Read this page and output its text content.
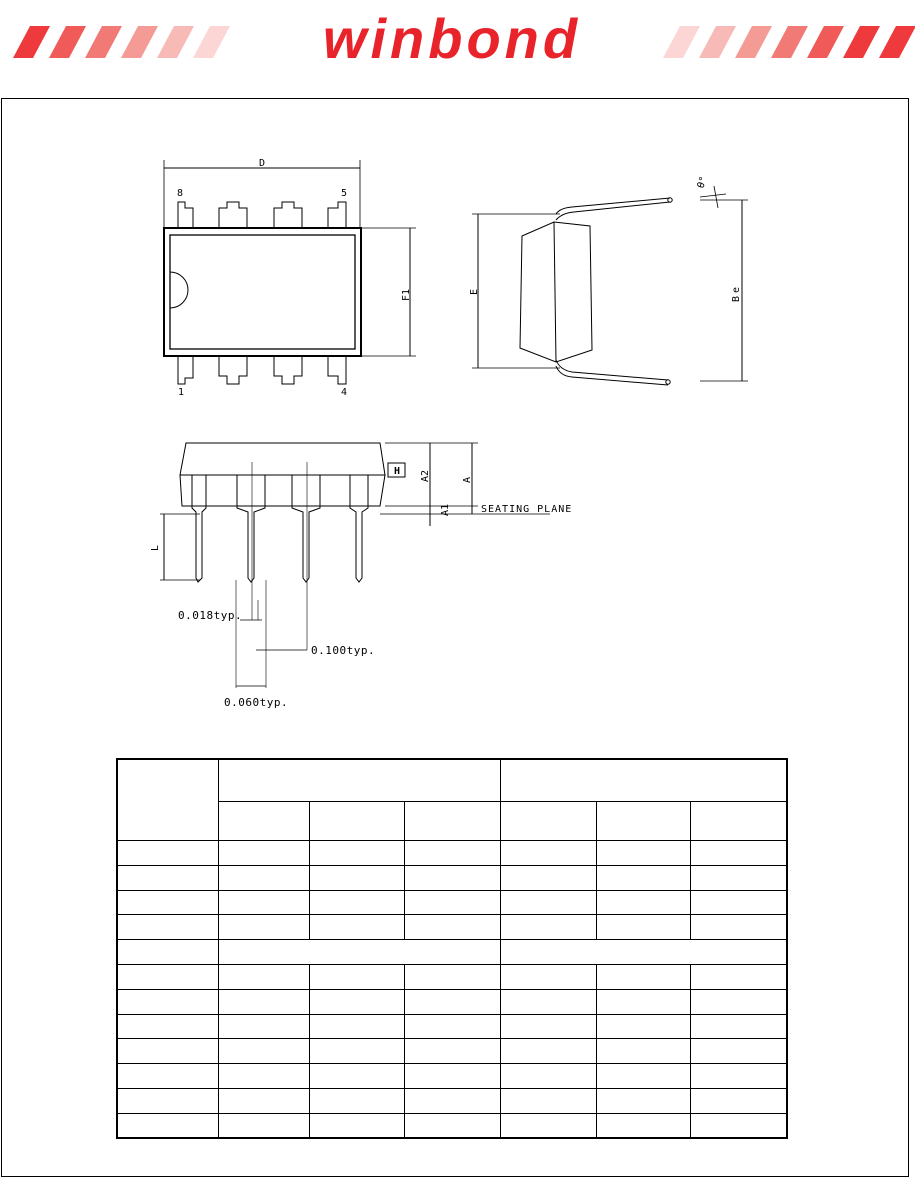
winbond
D
F1
8	5
1	4
E	e
B
θ°
H A2	A
A1	SEATING PLANE
L
0.018typ.
0.100typ.
0.060typ.
